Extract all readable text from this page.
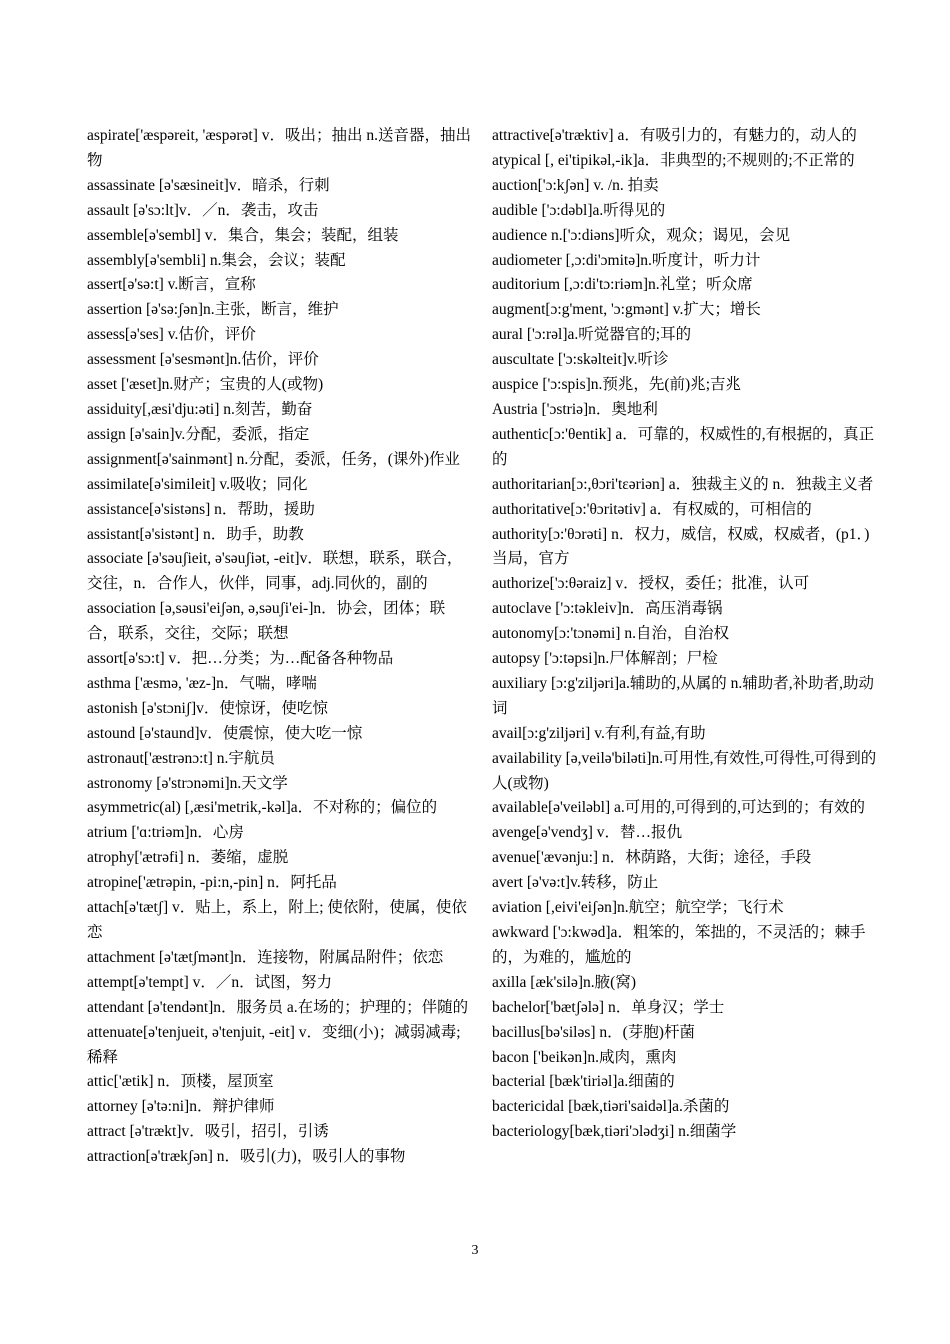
aspirate['æspəreit, 'æspərət] v．吸出；抽出 n.送音器，抽出物

assassinate [ə'sæsineit]v．暗杀，行刺

assault [ə'sɔ:lt]v．／n．袭击，攻击

assemble[ə'sembl] v．集合，集会；装配，组装

assembly[ə'sembli] n.集会，会议；装配

assert[ə'sə:t] v.断言，宣称

assertion [ə'sə:ʃən]n.主张，断言，维护

assess[ə'ses] v.估价，评价

assessment [ə'sesmənt]n.估价，评价

asset ['æset]n.财产；宝贵的人(或物)

assiduity[,æsi'dju:əti] n.刻苦，勤奋

assign [ə'sain]v.分配，委派，指定

assignment[ə'sainmənt] n.分配，委派，任务，(课外)作业

assimilate[ə'simileit] v.吸收；同化

assistance[ə'sistəns] n．帮助，援助

assistant[ə'sistənt] n．助手，助教

associate [ə'səuʃieit, ə'səuʃiət, -eit]v．联想，联系，联合，交往，n．合作人，伙伴，同事，adj.同伙的，副的

association [ə,səusi'eiʃən, ə,səuʃi'ei-]n．协会，团体；联合，联系，交往，交际；联想

assort[ə'sɔ:t] v．把…分类；为…配备各种物品

asthma ['æsmə, 'æz-]n．气喘，哮喘

astonish [ə'stɔniʃ]v．使惊讶，使吃惊

astound [ə'staund]v．使震惊，使大吃一惊

astronaut['æstrənɔ:t] n.宇航员

astronomy [ə'strɔnəmi]n.天文学

asymmetric(al) [,æsi'metrik,-kəl]a．不对称的；偏位的

atrium ['ɑ:triəm]n．心房

atrophy['ætrəfi] n．萎缩，虚脱

atropine['ætrəpin, -pi:n,-pin] n．阿托品

attach[ə'tætʃ] v．贴上，系上，附上; 使依附，使属，使依恋

attachment [ə'tætʃmənt]n．连接物，附属品附件；依恋

attempt[ə'tempt] v．／n．试图，努力

attendant [ə'tendənt]n．服务员 a.在场的；护理的；伴随的

attenuate[ə'tenjueit, ə'tenjuit, -eit] v．变细(小)；减弱减毒; 稀释

attic['ætik] n．顶楼，屋顶室

attorney [ə'tə:ni]n．辩护律师

attract [ə'trækt]v．吸引，招引，引诱

attraction[ə'trækʃən] n．吸引(力)，吸引人的事物

attractive[ə'træktiv] a．有吸引力的，有魅力的，动人的

atypical [, ei'tipikəl,-ik]a．非典型的;不规则的;不正常的

auction['ɔ:kʃən] v. /n. 拍卖

audible ['ɔ:dəbl]a.听得见的

audience n.['ɔ:diəns]听众，观众；谒见，会见

audiometer [,ɔ:di'ɔmitə]n.听度计，听力计

auditorium [,ɔ:di'tɔ:riəm]n.礼堂；听众席

augment[ɔ:g'ment, 'ɔ:gmənt] v.扩大；增长

aural ['ɔ:rəl]a.听觉器官的;耳的

auscultate ['ɔ:skəlteit]v.听诊

auspice ['ɔ:spis]n.预兆，先(前)兆;吉兆

Austria ['ɔstriə]n．奥地利

authentic[ɔ:'θentik] a．可靠的，权威性的,有根据的，真正的

authoritarian[ɔ:,θɔri'tεəriən] a．独裁主义的 n．独裁主义者

authoritative[ɔ:'θɔritətiv] a．有权威的，可相信的

authority[ɔ:'θɔrəti] n．权力，威信，权威，权威者，(p1．)当局，官方

authorize['ɔ:θəraiz] v．授权，委任；批准，认可

autoclave ['ɔ:təkleiv]n．高压消毒锅

autonomy[ɔ:'tɔnəmi] n.自治，自治权

autopsy ['ɔ:təpsi]n.尸体解剖；尸检

auxiliary [ɔ:g'ziljəri]a.辅助的,从属的 n.辅助者,补助者,助动词

avail[ɔ:g'ziljəri] v.有利,有益,有助

availability [ə,veilə'biləti]n.可用性,有效性,可得性,可得到的人(或物)

available[ə'veiləbl] a.可用的,可得到的,可达到的；有效的

avenge[ə'vendʒ] v．替…报仇

avenue['ævənju:] n．林荫路，大街；途径，手段

avert [ə'və:t]v.转移，防止

aviation [,eivi'eiʃən]n.航空；航空学；飞行术

awkward ['ɔ:kwəd]a．粗笨的，笨拙的，不灵活的；棘手的，为难的，尴尬的

axilla [æk'silə]n.腋(窝)

bachelor['bætʃələ] n．单身汉；学士

bacillus[bə'siləs] n．(芽胞)杆菌

bacon ['beikən]n.咸肉，熏肉

bacterial [bæk'tiriəl]a.细菌的

bactericidal [bæk,tiəri'saidəl]a.杀菌的

bacteriology[bæk,tiəri'ɔlədʒi] n.细菌学

3
